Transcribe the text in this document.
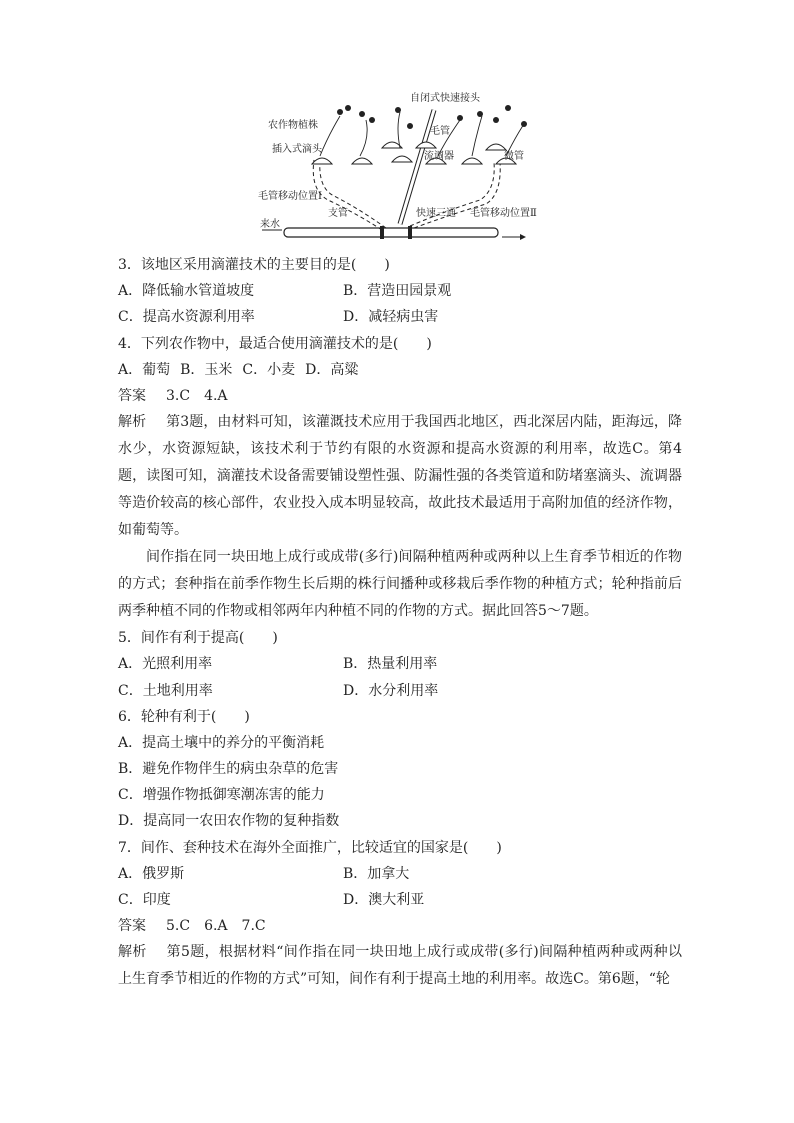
自闭式快速接头
农作物植株
毛管
插入式滴头
流调器	微管
毛管移动位置Ⅰ
支管
来水
快速三通 毛管移动位置Ⅱ
3．该地区采用滴灌技术的主要目的是(　　)
A．降低输水管道坡度	B．营造田园景观
C．提高水资源利用率	D．减轻病虫害
4．下列农作物中，最适合使用滴灌技术的是(　　)
A．葡萄 B．玉米 C．小麦 D．高粱
答案 3.C　4.A
解析 第3题，由材料可知，该灌溉技术应用于我国西北地区，西北深居内陆，距海远，降水少，水资源短缺，该技术利于节约有限的水资源和提高水资源的利用率，故选C。第4题，读图可知，滴灌技术设备需要铺设塑性强、防漏性强的各类管道和防堵塞滴头、流调器等造价较高的核心部件，农业投入成本明显较高，故此技术最适用于高附加值的经济作物，如葡萄等。
间作指在同一块田地上成行或成带(多行)间隔种植两种或两种以上生育季节相近的作物的方式；套种指在前季作物生长后期的株行间播种或移栽后季作物的种植方式；轮种指前后两季种植不同的作物或相邻两年内种植不同的作物的方式。据此回答5～7题。
5．间作有利于提高(　　)
A．光照利用率	B．热量利用率
C．土地利用率	D．水分利用率
6．轮种有利于(　　)
A．提高土壤中的养分的平衡消耗
B．避免作物伴生的病虫杂草的危害
C．增强作物抵御寒潮冻害的能力
D．提高同一农田农作物的复种指数
7．间作、套种技术在海外全面推广，比较适宜的国家是(　　)
A．俄罗斯	B．加拿大
C．印度	D．澳大利亚
答案 5.C　6.A　7.C
解析 第5题，根据材料“间作指在同一块田地上成行或成带(多行)间隔种植两种或两种以上生育季节相近的作物的方式”可知，间作有利于提高土地的利用率。故选C。第6题，“轮
